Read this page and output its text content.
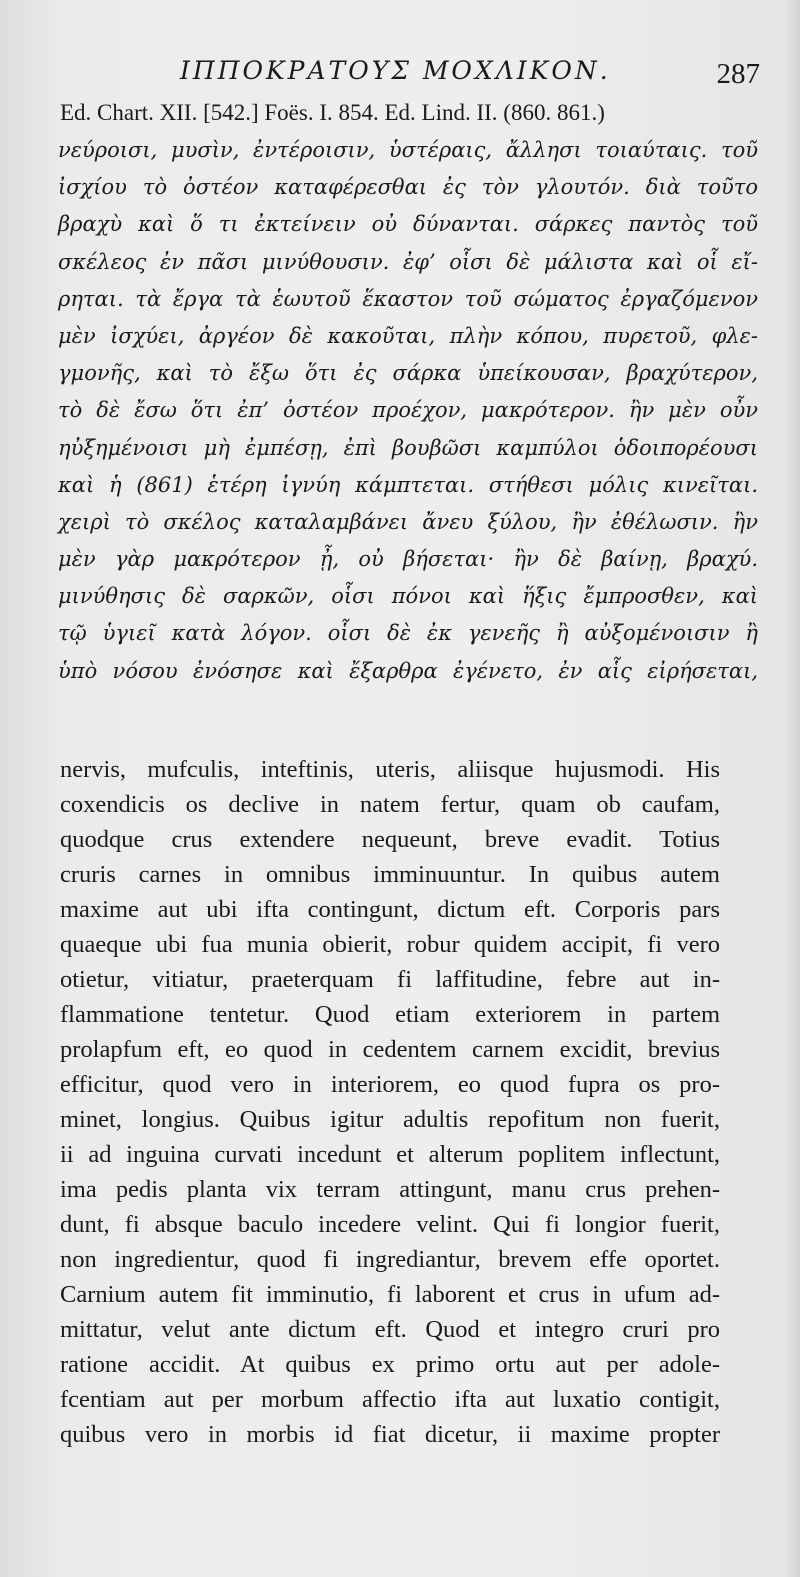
ΙΠΠΟΚΡΑΤΟΥΣ ΜΟΧΛΙΚΟΝ.	287
Ed. Chart. XII. [542.] Foës. I. 854. Ed. Lind. II. (860. 861.)
νεύροισι, μυσὶν, ἐντέροισιν, ὑστέραις, ἄλλησι τοιαύταις. τοῦ
ἰσχίου τὸ ὀστέον καταφέρεσθαι ἐς τὸν γλουτόν. διὰ τοῦτο
βραχὺ καὶ ὅ τι ἐκτείνειν οὐ δύνανται. σάρκες παντὸς τοῦ
σκέλεος ἐν πᾶσι μινύθουσιν. ἐφ’ οἷσι δὲ μάλιστα καὶ οἷ εἴ-
ρηται. τὰ ἔργα τὰ ἑωυτοῦ ἕκαστον τοῦ σώματος ἐργαζόμενον
μὲν ἰσχύει, ἀργέον δὲ κακοῦται, πλὴν κόπου, πυρετοῦ, φλε-
γμονῆς, καὶ τὸ ἔξω ὅτι ἐς σάρκα ὑπείκουσαν, βραχύτερον,
τὸ δὲ ἔσω ὅτι ἐπ’ ὀστέον προέχον, μακρότερον. ἢν μὲν οὖν
ηὐξημένοισι μὴ ἐμπέσῃ, ἐπὶ βουβῶσι καμπύλοι ὁδοιπορέουσι
καὶ ἡ (861) ἑτέρη ἰγνύη κάμπτεται. στήθεσι μόλις κινεῖται.
χειρὶ τὸ σκέλος καταλαμβάνει ἄνευ ξύλου, ἢν ἐθέλωσιν. ἢν
μὲν γὰρ μακρότερον ᾖ, οὐ βήσεται· ἢν δὲ βαίνῃ, βραχύ.
μινύθησις δὲ σαρκῶν, οἷσι πόνοι καὶ ἥξις ἔμπροσθεν, καὶ
τῷ ὑγιεῖ κατὰ λόγον. οἷσι δὲ ἐκ γενεῆς ἢ αὐξομένοισιν ἢ
ὑπὸ νόσου ἐνόσησε καὶ ἔξαρθρα ἐγένετο, ἐν αἷς εἰρήσεται,
nervis, mufculis, inteftinis, uteris, aliisque hujusmodi. His
coxendicis os declive in natem fertur, quam ob caufam,
quodque crus extendere nequeunt, breve evadit. Totius
cruris carnes in omnibus imminuuntur. In quibus autem
maxime aut ubi ifta contingunt, dictum eft. Corporis pars
quaeque ubi fua munia obierit, robur quidem accipit, fi vero
otietur, vitiatur, praeterquam fi laffitudine, febre aut in-
flammatione tentetur. Quod etiam exteriorem in partem
prolapfum eft, eo quod in cedentem carnem excidit, brevius
efficitur, quod vero in interiorem, eo quod fupra os pro-
minet, longius. Quibus igitur adultis repofitum non fuerit,
ii ad inguina curvati incedunt et alterum poplitem inflectunt,
ima pedis planta vix terram attingunt, manu crus prehen-
dunt, fi absque baculo incedere velint. Qui fi longior fuerit,
non ingredientur, quod fi ingrediantur, brevem effe oportet.
Carnium autem fit imminutio, fi laborent et crus in ufum ad-
mittatur, velut ante dictum eft. Quod et integro cruri pro
ratione accidit. At quibus ex primo ortu aut per adole-
fcentiam aut per morbum affectio ifta aut luxatio contigit,
quibus vero in morbis id fiat dicetur, ii maxime propter
